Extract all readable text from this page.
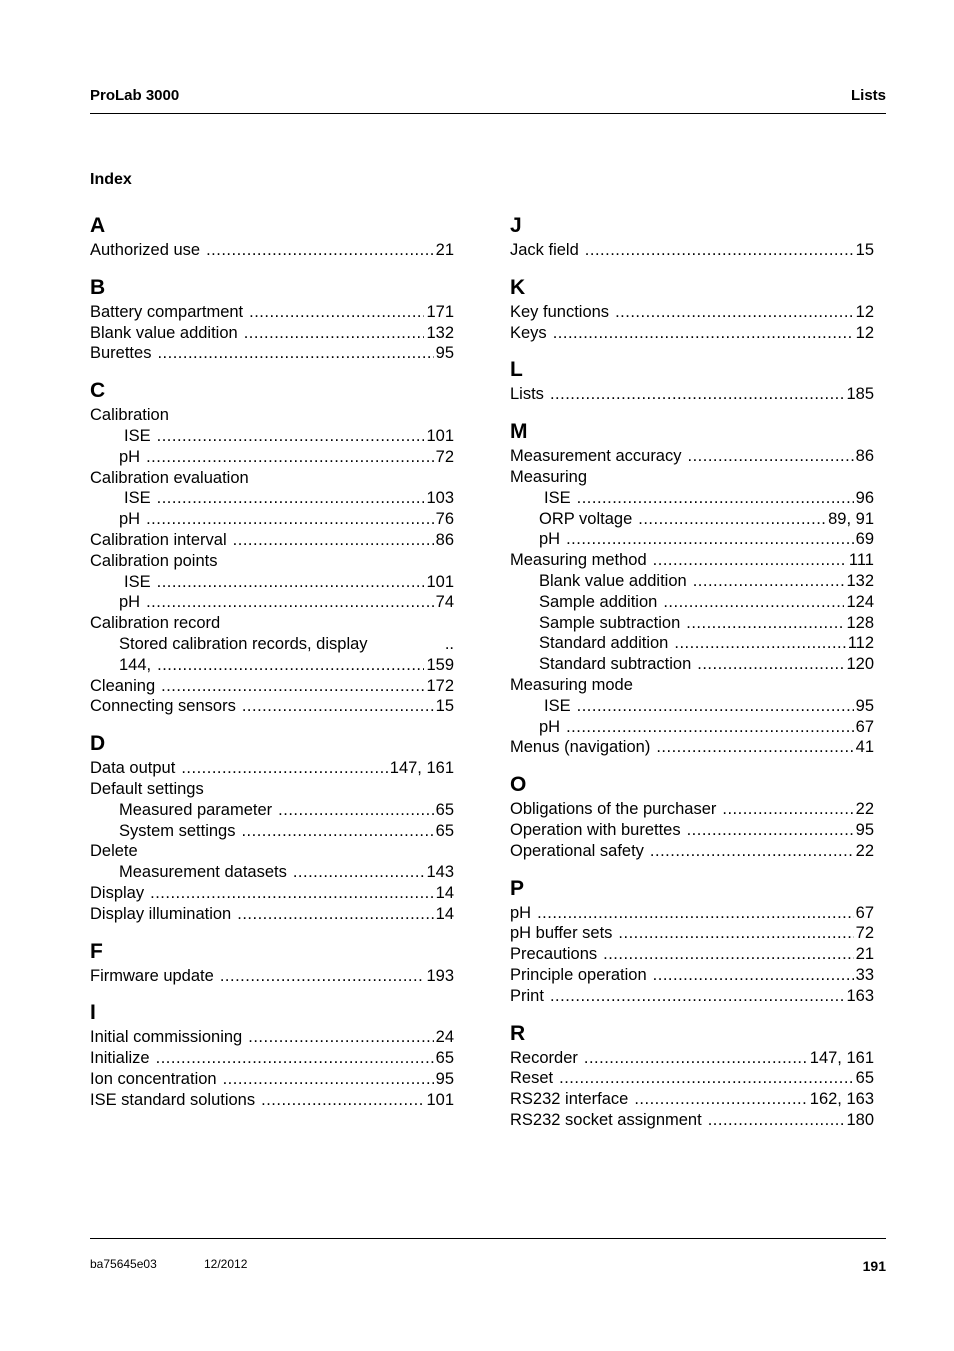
ProLab 3000	Lists
Index
A
Authorized use .....	21
B
Battery compartment .....	171
Blank value addition .....	132
Burettes .....	95
C
Calibration
ISE .....	101
pH .....	72
Calibration evaluation
ISE .....	103
pH .....	76
Calibration interval .....	86
Calibration points
ISE .....	101
pH .....	74
Calibration record
Stored calibration records, display	..
144, .....	159
Cleaning .....	172
Connecting sensors .....	15
D
Data output .....	147, 161
Default settings
Measured parameter .....	65
System settings .....	65
Delete
Measurement datasets .....	143
Display .....	14
Display illumination .....	14
F
Firmware update .....	193
I
Initial commissioning .....	24
Initialize .....	65
Ion concentration .....	95
ISE standard solutions .....	101
J
Jack field .....	15
K
Key functions .....	12
Keys .....	12
L
Lists .....	185
M
Measurement accuracy .....	86
Measuring
ISE .....	96
ORP voltage .....	89, 91
pH .....	69
Measuring method .....	111
Blank value addition .....	132
Sample addition .....	124
Sample subtraction .....	128
Standard addition .....	112
Standard subtraction .....	120
Measuring mode
ISE .....	95
pH .....	67
Menus (navigation) .....	41
O
Obligations of the purchaser .....	22
Operation with burettes .....	95
Operational safety .....	22
P
pH .....	67
pH buffer sets .....	72
Precautions .....	21
Principle operation .....	33
Print .....	163
R
Recorder .....	147, 161
Reset .....	65
RS232 interface .....	162, 163
RS232 socket assignment .....	180
ba75645e03	12/2012	191
